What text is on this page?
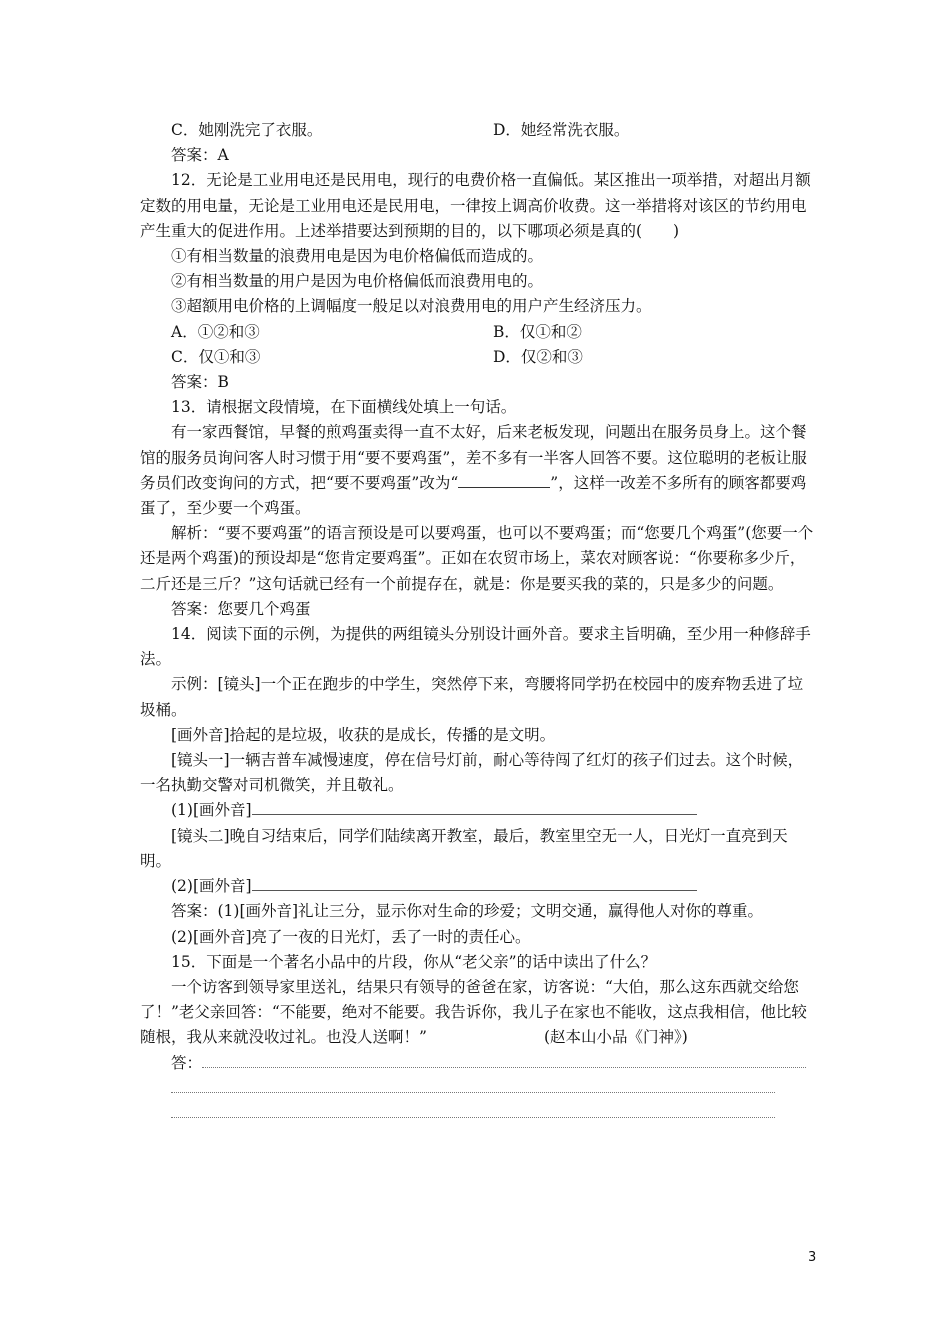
C．她刚洗完了衣服。	D．她经常洗衣服。

答案：A

12．无论是工业用电还是民用电，现行的电费价格一直偏低。某区推出一项举措，对超出月额定数的用电量，无论是工业用电还是民用电，一律按上调高价收费。这一举措将对该区的节约用电产生重大的促进作用。上述举措要达到预期的目的，以下哪项必须是真的(　　)

①有相当数量的浪费用电是因为电价格偏低而造成的。

②有相当数量的用户是因为电价格偏低而浪费用电的。

③超额用电价格的上调幅度一般足以对浪费用电的用户产生经济压力。

A．①②和③	B．仅①和②
C．仅①和③	D．仅②和③

答案：B

13．请根据文段情境，在下面横线处填上一句话。

有一家西餐馆，早餐的煎鸡蛋卖得一直不太好，后来老板发现，问题出在服务员身上。这个餐馆的服务员询问客人时习惯于用“要不要鸡蛋”，差不多有一半客人回答不要。这位聪明的老板让服务员们改变询问的方式，把“要不要鸡蛋”改为“	”，这样一改差不多所有的顾客都要鸡蛋了，至少要一个鸡蛋。

解析：“要不要鸡蛋”的语言预设是可以要鸡蛋，也可以不要鸡蛋；而“您要几个鸡蛋”(您要一个还是两个鸡蛋)的预设却是“您肯定要鸡蛋”。正如在农贸市场上，菜农对顾客说：“你要称多少斤，二斤还是三斤？”这句话就已经有一个前提存在，就是：你是要买我的菜的，只是多少的问题。

答案：您要几个鸡蛋

14．阅读下面的示例，为提供的两组镜头分别设计画外音。要求主旨明确，至少用一种修辞手法。

示例：[镜头]一个正在跑步的中学生，突然停下来，弯腰将同学扔在校园中的废弃物丢进了垃圾桶。

[画外音]拾起的是垃圾，收获的是成长，传播的是文明。

[镜头一]一辆吉普车减慢速度，停在信号灯前，耐心等待闯了红灯的孩子们过去。这个时候，一名执勤交警对司机微笑，并且敬礼。

(1)[画外音]

[镜头二]晚自习结束后，同学们陆续离开教室，最后，教室里空无一人，日光灯一直亮到天明。

(2)[画外音]

答案：(1)[画外音]礼让三分，显示你对生命的珍爱；文明交通，赢得他人对你的尊重。

(2)[画外音]亮了一夜的日光灯，丢了一时的责任心。

15．下面是一个著名小品中的片段，你从“老父亲”的话中读出了什么？

一个访客到领导家里送礼，结果只有领导的爸爸在家，访客说：“大伯，那么这东西就交给您了！”老父亲回答：“不能要，绝对不能要。我告诉你，我儿子在家也不能收，这点我相信，他比较随根，我从来就没收过礼。也没人送啊！”	(赵本山小品《门神》)

答：

3
